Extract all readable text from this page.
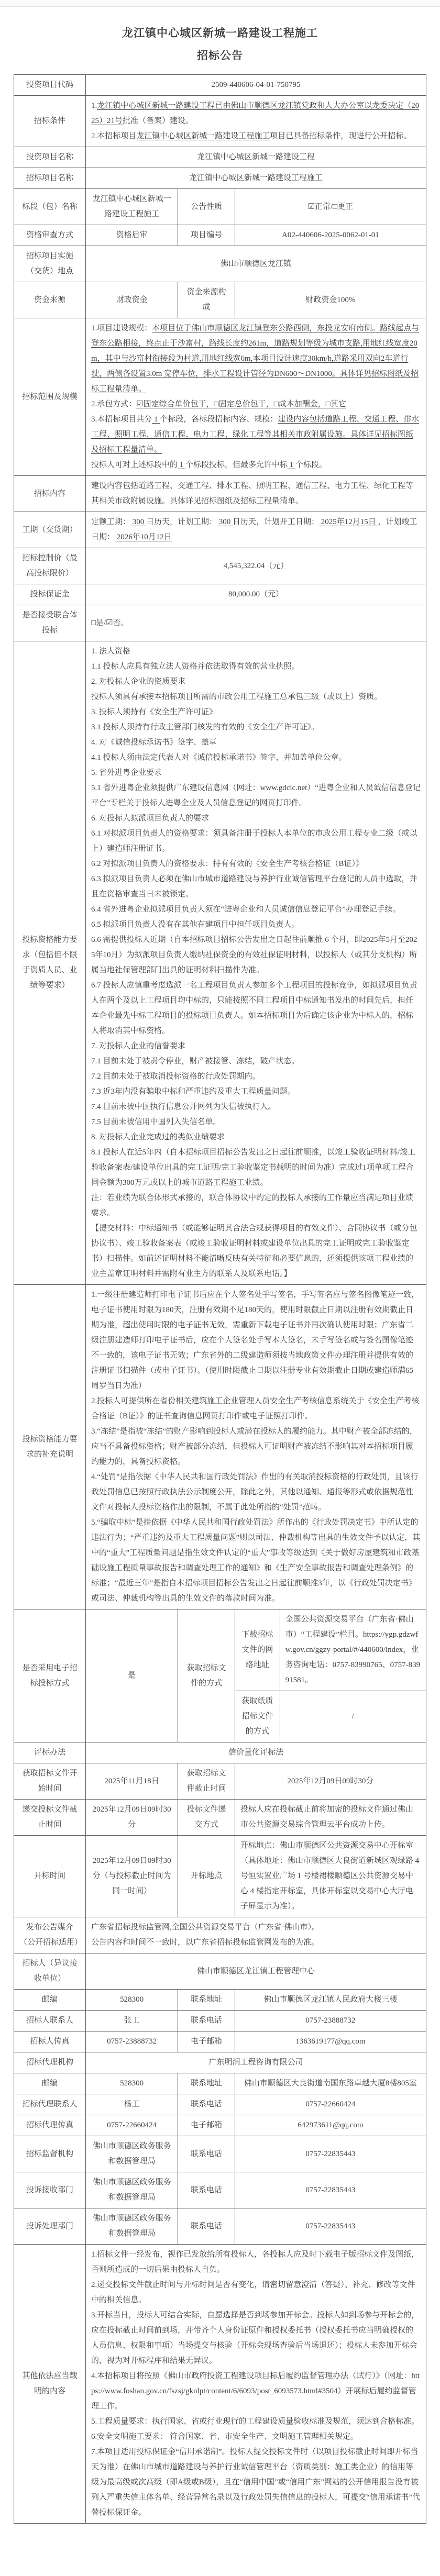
龙江镇中心城区新城一路建设工程施工
招标公告
投资项目代码	2509-440606-04-01-750795			

招标条件	1.龙江镇中心城区新城一路建设工程已由佛山市顺德区龙江镇党政和人大办公室以龙委决定（2025）21号批准（备案）建设。
2.本招标项目龙江镇中心城区新城一路建设工程施工项目已具备招标条件，现进行公开招标。			

投资项目名称	龙江镇中心城区新城一路建设工程			

招标项目名称	龙江镇中心城区新城一路建设工程施工			

标段（包）名称	龙江镇中心城区新城一路建设工程施工	公告性质	☑正常/□更正	

资格审查方式	资格后审	项目编号	A02-440606-2025-0062-01-01	

招标项目实施（交货）地点	佛山市顺德区龙江镇			

资金来源	财政资金	资金来源构成	财政资金100%	

招标范围及规模	1.项目建设规模：本项目位于佛山市顺德区龙江镇登东公路西侧，东投龙安府南侧。路线起点与登东公路相接，终点止于沙富村，路线长度约261m，道路规划等级为城市支路,用地红线宽度20m，其中与沙富村衔接段为村道,用地红线宽6m,本项目设计速度30km/h,道路采用双向2车道行驶，两侧各设置3.0m 宽停车位，排水工程设计管径为DN600～DN1000。具体详见招标图纸及招标工程量清单。
2.承包方式：☑固定综合单价包干，□固定总价包干，□成本加酬金，□其它
3.本招标项目共分 1 个标段，各标段招标内容、规模：建设内容包括道路工程、交通工程、排水工程、照明工程、通信工程、电力工程、绿化工程等其相关市政附属设施。具体详见招标图纸及招标工程量清单。
投标人可对上述标段中的 1 个标段投标，但最多允许中标 1 个标段。			

招标内容	建设内容包括道路工程、交通工程、排水工程、照明工程、通信工程、电力工程、绿化工程等其相关市政附属设施。具体详见招标图纸及招标工程量清单。			

工期（交货期）	定额工期： 300 日历天，计划工期： 300 日历天，计划开工日期： 2025年12月15日 ，计划竣工日期： 2026年10月12日			

招标控制价（最高投标限价）	4,545,322.04（元）			

投标保证金	80,000.00（元）			

是否接受联合体投标	□是/☑否。			

投标资格能力要求（包括但不限于资质人员、业绩等要求）	
1. 法人资格
1.1 投标人应具有独立法人资格并依法取得有效的营业执照。
2. 对投标人企业的资质要求
投标人须具有承接本招标项目所需的市政公用工程施工总承包三级（或以上）资质。
3. 投标人须持有《安全生产许可证》
3.1 投标人须持有行政主管部门核发的有效的《安全生产许可证》。
4. 对《诚信投标承诺书》签字、盖章
4.1 投标人须由法定代表人对《诚信投标承诺书》签字，并加盖单位公章。
5. 省外进粤企业要求
5.1 省外进粤企业须提供广东建设信息网（网址：www.gdcic.net）“进粤企业和人员诚信信息登记平台”专栏关于投标人进粤企业及人员信息登记的网页打印件。
6. 对投标人拟派项目负责人的要求
6.1 对拟派项目负责人的资格要求：须具备注册于投标人本单位的市政公用工程专业二级（或以上）建造师注册证书。
6.2 对拟派项目负责人的资格要求：持有有效的《安全生产考核合格证（B证）》
6.3 拟派项目负责人必须在佛山市城市道路建设与养护行业诚信管理平台登记的人员中选取，并且在资格审查当日未被锁定。
6.4 省外进粤企业拟派项目负责人须在“进粤企业和人员诚信信息登记平台”办理登记手续。
6.5 拟派项目负责人没有在其他在建项目中担任项目负责人。
6.6 需提供投标人近期（自本招标项目招标公告发出之日起往前顺推 6 个月，即2025年5月至2025年10月）为拟派项目负责人缴纳社保资金的有效社保证明材料，以投标人（或其分支机构）所属当地社保管理部门出具的证明材料扫描件为准。
6.7 投标人应慎重考虑选派一名工程项目负责人参加多个工程项目的投标竞争，如拟派项目负责人在两个及以上工程项目均中标的，只能按照不同工程项目中标通知书发出的时间先后，担任本企业最先中标工程项目的投标项目负责人。如本招标项目为后确定该企业为中标人的，招标人将取消其中标资格。
7. 对投标人企业的信誉要求
7.1 目前未处于被责令停业，财产被接管、冻结，破产状态。
7.2 目前未处于被取消投标资格的行政处罚期内。
7.3 近3年内没有骗取中标和严重违约及重大工程质量问题。
7.4 目前未被中国执行信息公开网列为失信被执行人。
7.5 目前未被信用中国列入失信名单。
8. 对投标人企业完成过的类似业绩要求
8.1 投标人在近5年内（自本招标项目招标公告发出之日起往前顺推，以竣工验收证明材料/竣工验收备案表/建设单位出具的完工证明/完工验收鉴定书载明的时间为准）完成过1项单项工程合同金额为300万元或以上的城市道路工程施工业绩。
注：若业绩为联合体形式承接的，联合体协议中约定的投标人承接的工作量应当满足项目业绩要求。
【提交材料：中标通知书（或能够证明其合法合规获得项目的有效文件）、合同协议书（或分包协议书）、竣工验收备案表（或竣工验收证明材料或建设单位出具的完工证明或完工验收鉴定书）扫描件。如前述证明材料不能清晰反映有关特征和必要信息的，还须提供该项工程业绩的业主盖章证明材料并需附有业主方的联系人及联系电话。】

投标资格能力要求的补充说明	1.一级注册建造师打印电子证书后应在个人签名处手写签名，手写签名应与签名图像笔迹一致，电子证书使用时限为180天，注册有效期不足180天的，使用时限截止日期以注册有效期截止日期为准，超出使用时限的电子证书无效，需重新下载电子证书并再次确认使用时限；广东省二级注册建造师打印电子证书后，应在个人签名处手写本人签名，未手写签名或与签名图像笔迹不一致的，该电子证书无效；广东省外的二级建造师须按当地政策文件办理注册并提供有效的注册证书扫描件（或电子证书）。（使用时限截止日期以注册专业有效期截止日期或建造师满65周岁当日为准）
2.投标人可提供所在省份相关建筑施工企业管理人员安全生产考核信息系统关于《安全生产考核合格证（B证）》的证书查询信息网页打印件或电子证照打印件。
3.“冻结”是指被“冻结”的财产影响到投标人或潜在投标人的履约能力。其中财产被全部冻结的，应当不具备投标资格；财产被部分冻结，但投标人可证明财产被冻结不影响其对本招标项目履约能力的，具备投标资格。
4.“处罚”是指依据《中华人民共和国行政处罚法》作出的有关取消投标资格的行政处罚，且该行政处罚信息已按照行政执法公示制度公开，除此之外，其他以通知、通报等形式或依据规范性文件对投标人投标资格作出的限制，不属于此处所指的“处罚”范畴。
5.“骗取中标”是指依据《中华人民共和国行政处罚法》所作出的《行政处罚决定书》中所认定的违法行为；“严重违约及重大工程质量问题”则以司法、仲裁机构等出具的生效文件予以认定，其中的“重大”工程质量问题是指生效文件认定的“重大”事故等级达到《关于做好房屋建筑和市政基础设施工程质量事故报告和调查处理工作的通知》和《生产安全事故报告和调查处理条例》的标准；“最近三年”是指自本招标项目招标公告发出之日起往前顺推3年，以《行政处罚决定书》或司法、仲裁机构等出具的生效文件的落款时间为准。			

是否采用电子招标投标方式	是	获取招标文件的方式	下载招标文件的网络地址	全国公共资源交易平台（广东省·佛山市）“工程建设”栏目。https://ygp.gdzwfw.gov.cn/ggzy-portal/#/440600/index，业务咨询电话：0757-83990765、0757-83991581。

			获取纸质招标文件的方式	/

评标办法	信价量化评标法			

获取招标文件开始时间	2025年11月18日	获取招标文件截止时间	2025年12月09日09时30分	

递交投标文件截止时间	2025年12月09日09时30分	投标文件递交方式	投标人应在投标截止前将加密的投标文件通过佛山市公共资源交易综合管理云平台成功上传。	

开标时间	2025年12月09日09时30分（与投标截止时间为同一时间）	开标地点	开标地点：佛山市顺德区公共资源交易中心开标室（具体地址：佛山市顺德区大良街道新城区观绿路 4 号恒实置业广场 1 号楼裙楼顺德区公共资源交易中心 4 楼指定开标室，具体开标室以交易中心大厅电子屏显示为准）。	

发布公告媒介（公开招标适用）	广东省招标投标监管网,全国公共资源交易平台（广东省·佛山市）。
公告内容和时间不一致时，以广东省招标投标监管网发布的为准。			

招标人（异议接收单位）	佛山市顺德区龙江镇工程管理中心			

邮编	528300	联系地址	佛山市顺德区龙江镇人民政府大楼三楼	

招标人联系人	张工	联系电话	0757-23888732	

招标人传真	0757-23888732	电子邮箱	1363619177@qq.com	

招标代理机构	广东明润工程咨询有限公司			

邮编	528300	联系地址	佛山市顺德区大良街道南国东路卓越大厦8楼805室	

招标代理联系人	杨工	联系电话	0757-22660424	

招标代理传真	0757-22660424	电子邮箱	642973611@qq.com	

招标监督机构	佛山市顺德区政务服务和数据管理局	联系电话	0757-22835443	

投诉接收部门	佛山市顺德区政务服务和数据管理局	联系电话	0757-22835443	

投诉处理部门	佛山市顺德区政务服务和数据管理局	联系电话	0757-22835443	

其他依法应当载明的内容	
1.招标文件一经发布，视作已发放给所有投标人，各投标人应及时下载电子版招标文件及图纸，否则所造成的一切后果由投标人自负。
2.递交投标文件截止时间与开标时间是否有变化，请密切留意澄清（答疑）、补充、修改等文件中的相关信息。
3.开标当日，投标人可结合实际，自愿选择是否到场参加开标会。投标人如到场参与开标会的，应在投标截止时间前到场，并带齐个人身份证原件和授权委托书（授权委托书应当明确授权的人员信息、权限和事项）当场提交与核验（开标会现场查验后当场退还）；投标人未参加开标会的，视为对开标程序和结果无异议。
4.本招标项目将按照《佛山市政府投资工程建设项目标后履约监督管理办法（试行）》（网址：https://www.foshan.gov.cn/fszsj/gknlpt/content/6/6093/post_6093573.html#3504）开展标后履约监督管理工作。
5.工程质量要求：执行国家、省或行业现行的工程建设质量验收标准及规范，须达到合格标准。
6.安全文明施工要求： 符合国家、省、市安全生产、文明施工管理相关规定。
7.本项目适用投标保证金“信用承诺制”。投标人提交投标文件时（以项目投标截止时间即开标当天为准）在佛山市城市道路建设与养护行业诚信管理平台（资质类别：施工类企业）的信用等级为最高级或次高级（即A级或B级），且在“信用中国”或“信用广东”网站的公开信用报告没有被列入严重失信主体名单、经营异常名录以及行政处罚失信信息的投标人，可提交“信用承诺书”代替投标保证金。
